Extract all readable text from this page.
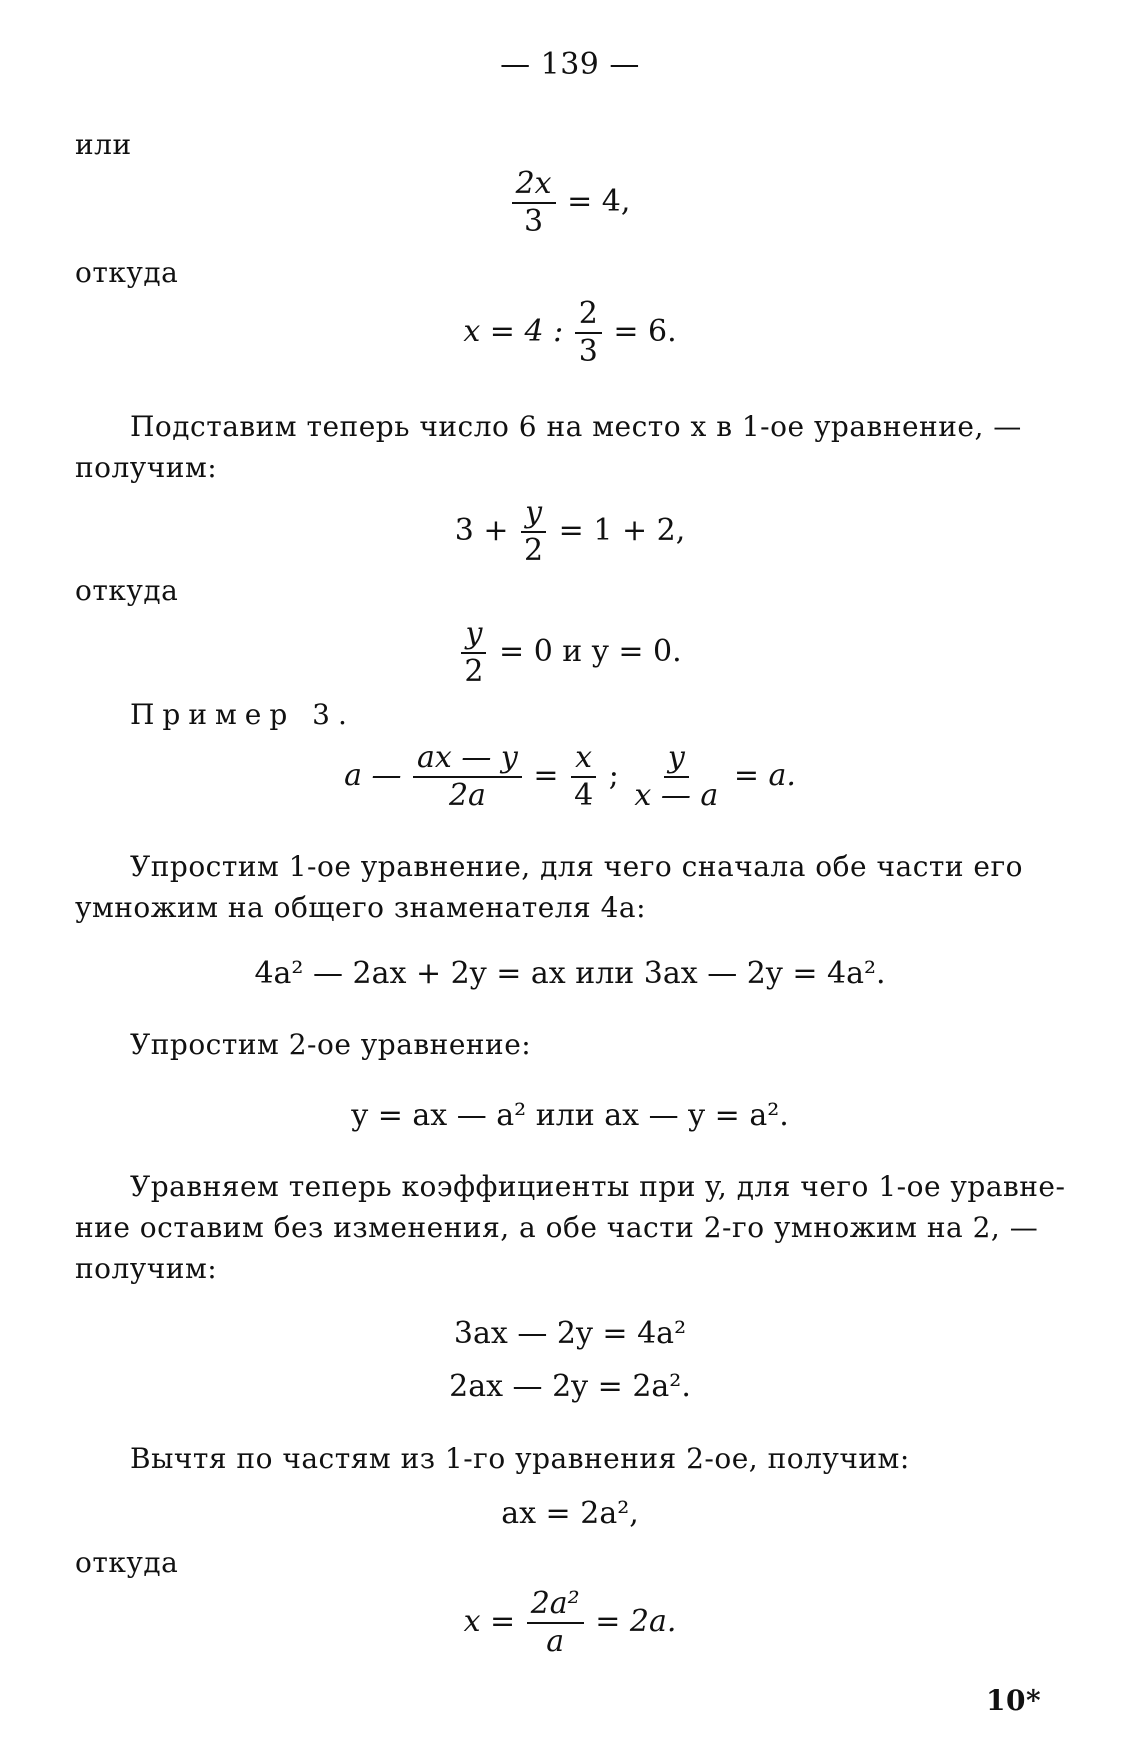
— 139 —
или
$\frac{2x}{3} = 4$,
откуда
x = 4 : $\frac{2}{3} = 6$.
Подставим теперь число 6 на место x в 1-ое уравнение, —
получим:
$3 + \frac{y}{2} = 1 + 2$,
откуда
$\frac{y}{2} = 0$ и y = 0.
Пример 3.
a — $\frac{ax — y}{2a} = \frac{x}{4}$ ; $\frac{y}{x — a} = a$.
Упростим 1-ое уравнение, для чего сначала обе части его
умножим на общего знаменателя 4a:
4a² — 2ax + 2y = ax или 3ax — 2y = 4a².
Упростим 2-ое уравнение:
y = ax — a² или ax — y = a².
Уравняем теперь коэффициенты при y, для чего 1-ое уравне-
ние оставим без изменения, а обе части 2-го умножим на 2, —
получим:
3ax — 2y = 4a²
2ax — 2y = 2a².
Вычтя по частям из 1-го уравнения 2-ое, получим:
ax = 2a²,
откуда
$x = \frac{\text{2a²}}{a} = 2a$.
10*
